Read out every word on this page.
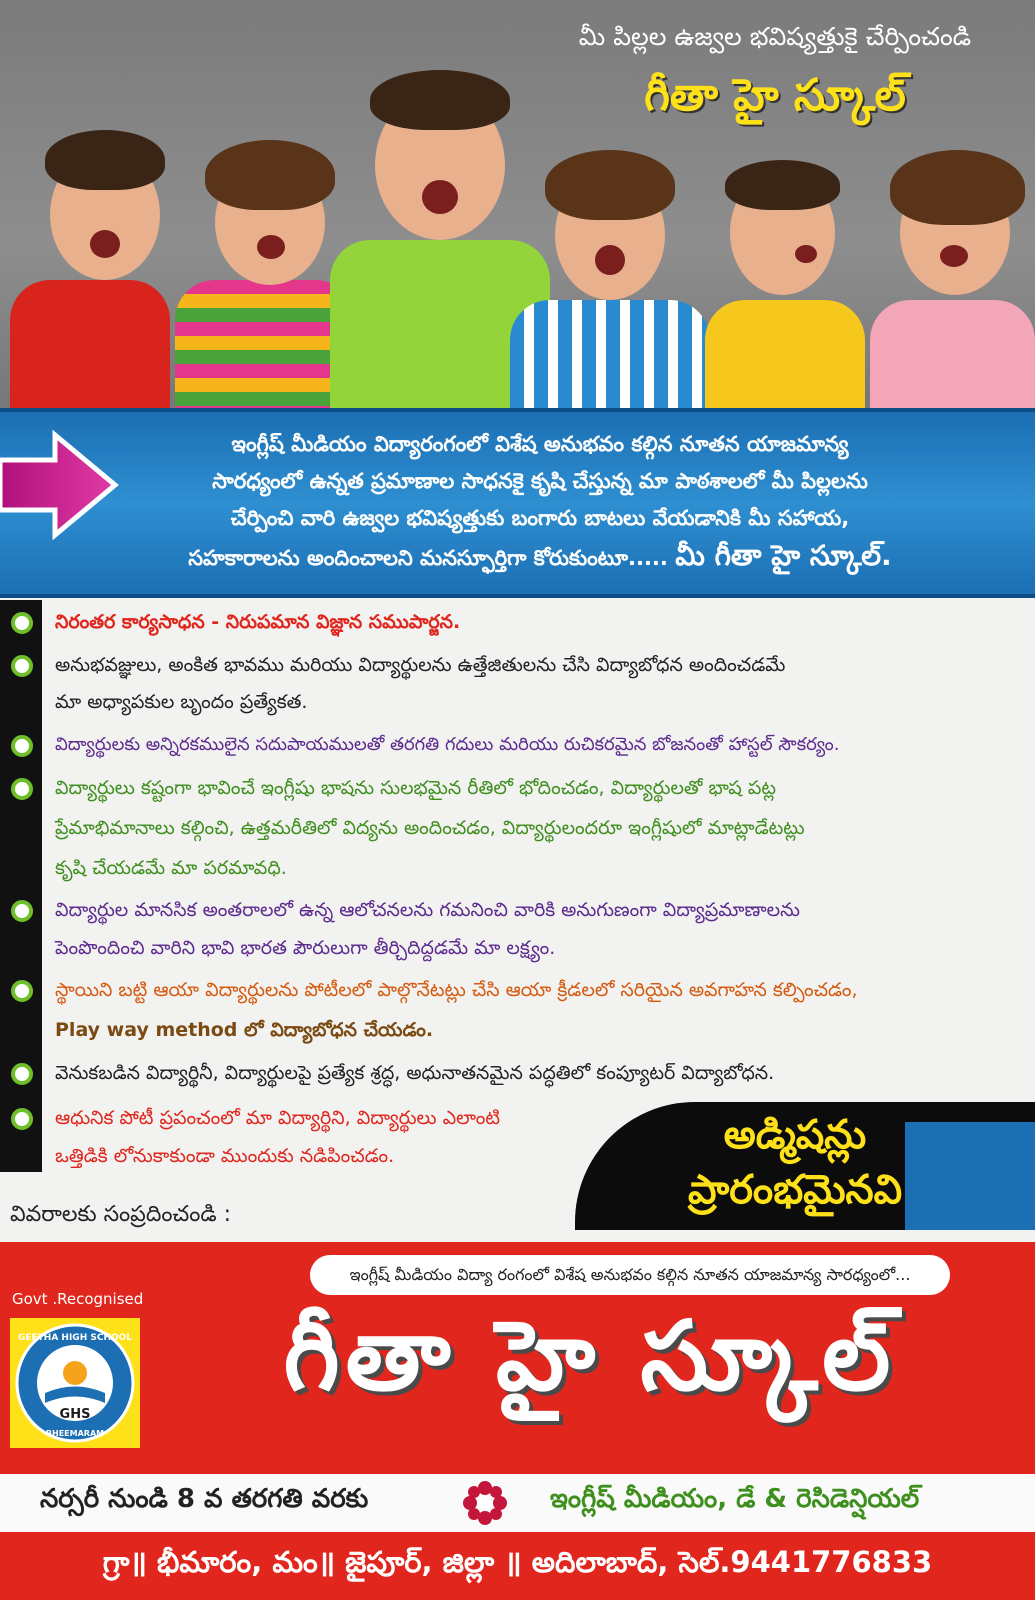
మీ పిల్లల ఉజ్వల భవిష్యత్తుకై చేర్పించండి
గీతా హై స్కూల్
ఇంగ్లీష్ మీడియం విద్యారంగంలో విశేష అనుభవం కల్గిన నూతన యాజమాన్య
సారధ్యంలో ఉన్నత ప్రమాణాల సాధనకై కృషి చేస్తున్న మా పాఠశాలలో మీ పిల్లలను
చేర్పించి వారి ఉజ్వల భవిష్యత్తుకు బంగారు బాటలు వేయడానికి మీ సహాయ,
సహకారాలను అందించాలని మనస్ఫూర్తిగా కోరుకుంటూ..... మీ గీతా హై స్కూల్.
నిరంతర కార్యసాధన - నిరుపమాన విజ్ఞాన సముపార్జన.
అనుభవజ్ఞులు, అంకిత భావము మరియు విద్యార్థులను ఉత్తేజితులను చేసి విద్యాబోధన అందించడమే
మా అధ్యాపకుల బృందం ప్రత్యేకత.
విద్యార్థులకు అన్నిరకములైన సదుపాయములతో తరగతి గదులు మరియు రుచికరమైన బోజనంతో హాస్టల్ సౌకర్యం.
విద్యార్థులు కష్టంగా భావించే ఇంగ్లీషు భాషను సులభమైన రీతిలో భోదించడం, విద్యార్థులతో భాష పట్ల
ప్రేమాభిమానాలు కల్గించి, ఉత్తమరీతిలో విద్యను అందించడం, విద్యార్థులందరూ ఇంగ్లీషులో మాట్లాడేటట్లు
కృషి చేయడమే మా పరమావధి.
విద్యార్థుల మానసిక అంతరాలలో ఉన్న ఆలోచనలను గమనించి వారికి అనుగుణంగా విద్యాప్రమాణాలను
పెంపొందించి వారిని భావి భారత పౌరులుగా తీర్చిదిద్దడమే మా లక్ష్యం.
స్థాయిని బట్టి ఆయా విద్యార్థులను పోటీలలో పాల్గొనేటట్లు చేసి ఆయా క్రీడలలో సరియైన అవగాహన కల్పించడం,
Play way method లో విద్యాబోధన చేయడం.
వెనుకబడిన విద్యార్థినీ, విద్యార్థులపై ప్రత్యేక శ్రద్ధ, అధునాతనమైన పద్ధతిలో కంప్యూటర్ విద్యాబోధన.
ఆధునిక పోటీ ప్రపంచంలో మా విద్యార్థిని, విద్యార్థులు ఎలాంటి
ఒత్తిడికి లోనుకాకుండా ముందుకు నడిపించడం.	అడ్మిషన్లు
ప్రారంభమైనవి
వివరాలకు సంప్రదించండి :
ఇంగ్లీష్ మీడియం విద్యా రంగంలో విశేష అనుభవం కల్గిన నూతన యాజమాన్య సారధ్యంలో...
Govt .Recognised
GEETHA HIGH SCHOOL
GHS
BHEEMARAM
గీతా హై స్కూల్
నర్సరీ నుండి 8 వ తరగతి వరకు	ఇంగ్లీష్ మీడియం, డే & రెసిడెన్షియల్
గ్రా॥ భీమారం, మం॥ జైపూర్, జిల్లా ॥ అదిలాబాద్, సెల్.9441776833
